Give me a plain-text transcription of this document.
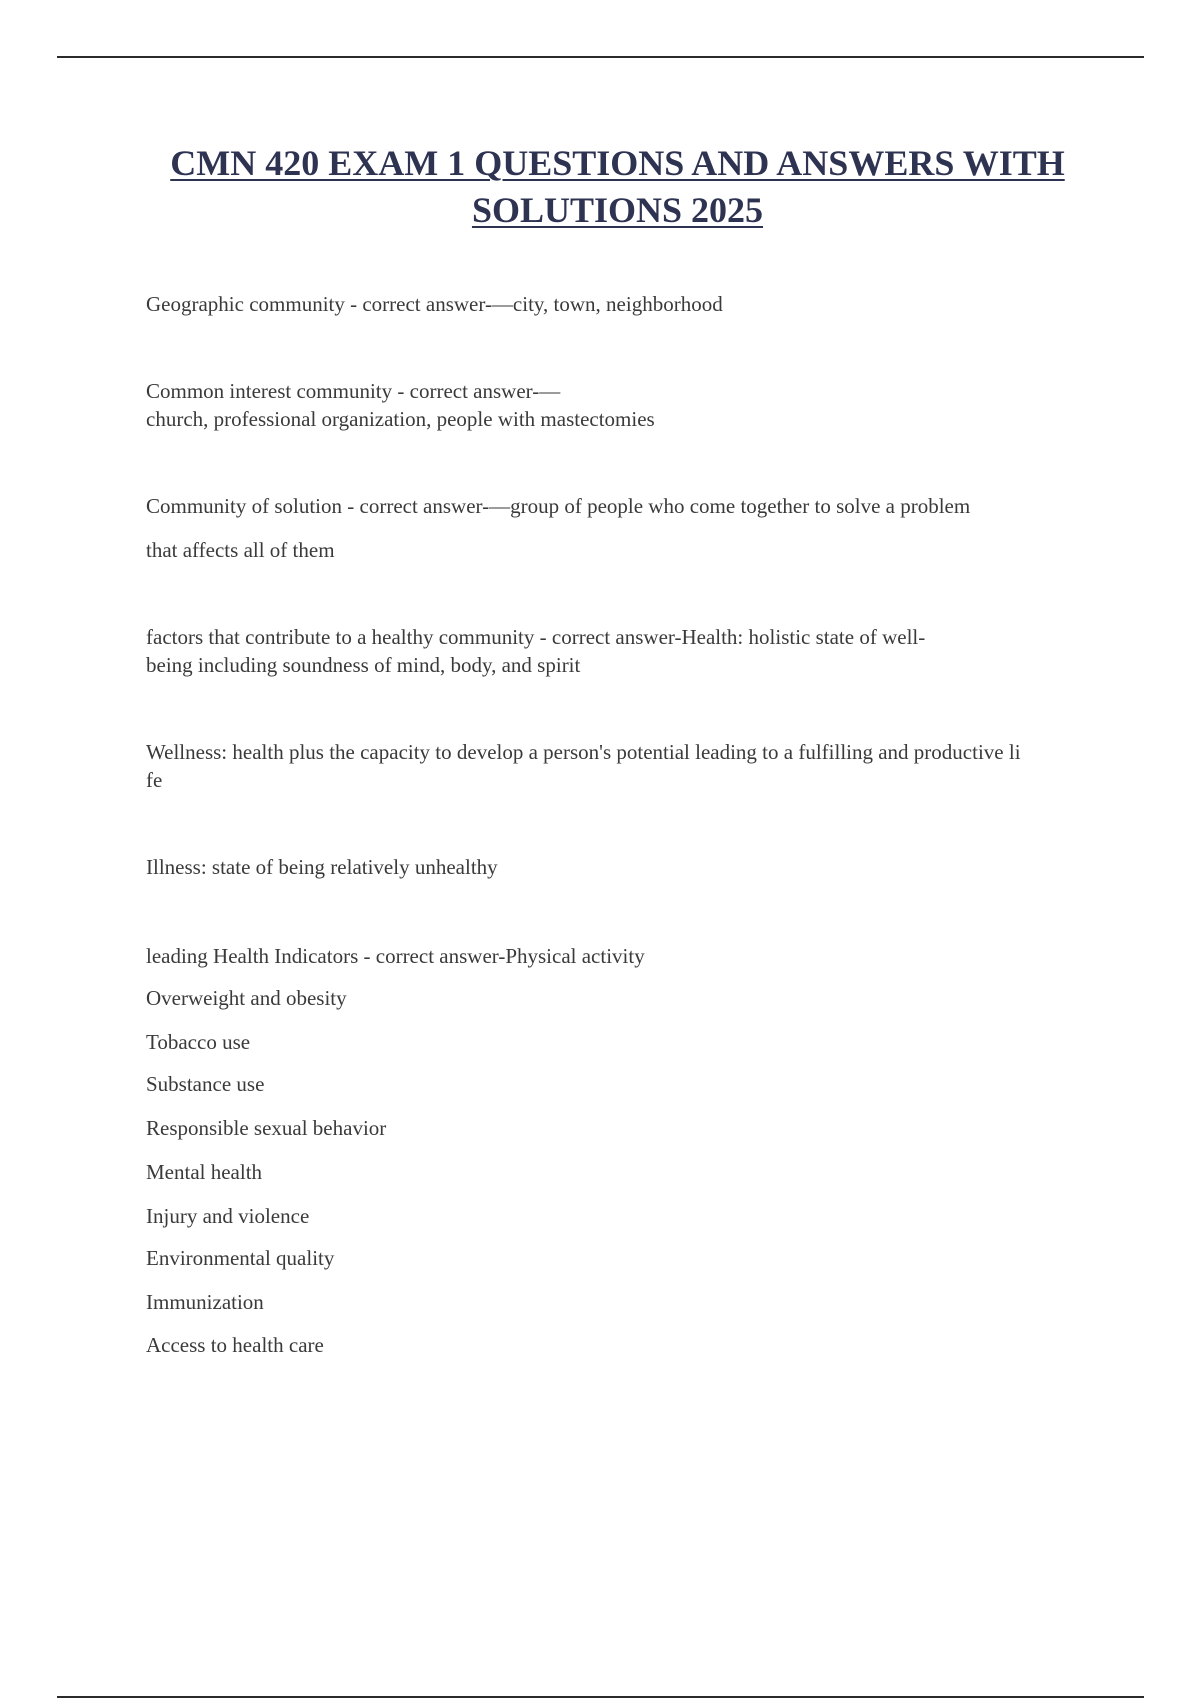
CMN 420 EXAM 1 QUESTIONS AND ANSWERS WITH
SOLUTIONS 2025

Geographic community - correct answer-—city, town, neighborhood

Common interest community - correct answer-—
church, professional organization, people with mastectomies

Community of solution - correct answer-—group of people who come together to solve a problem

that affects all of them

factors that contribute to a healthy community - correct answer-Health: holistic state of well-
being including soundness of mind, body, and spirit

Wellness: health plus the capacity to develop a person's potential leading to a fulfilling and productive li
fe

Illness: state of being relatively unhealthy

leading Health Indicators - correct answer-Physical activity

Overweight and obesity

Tobacco use

Substance use

Responsible sexual behavior

Mental health

Injury and violence

Environmental quality

Immunization

Access to health care
